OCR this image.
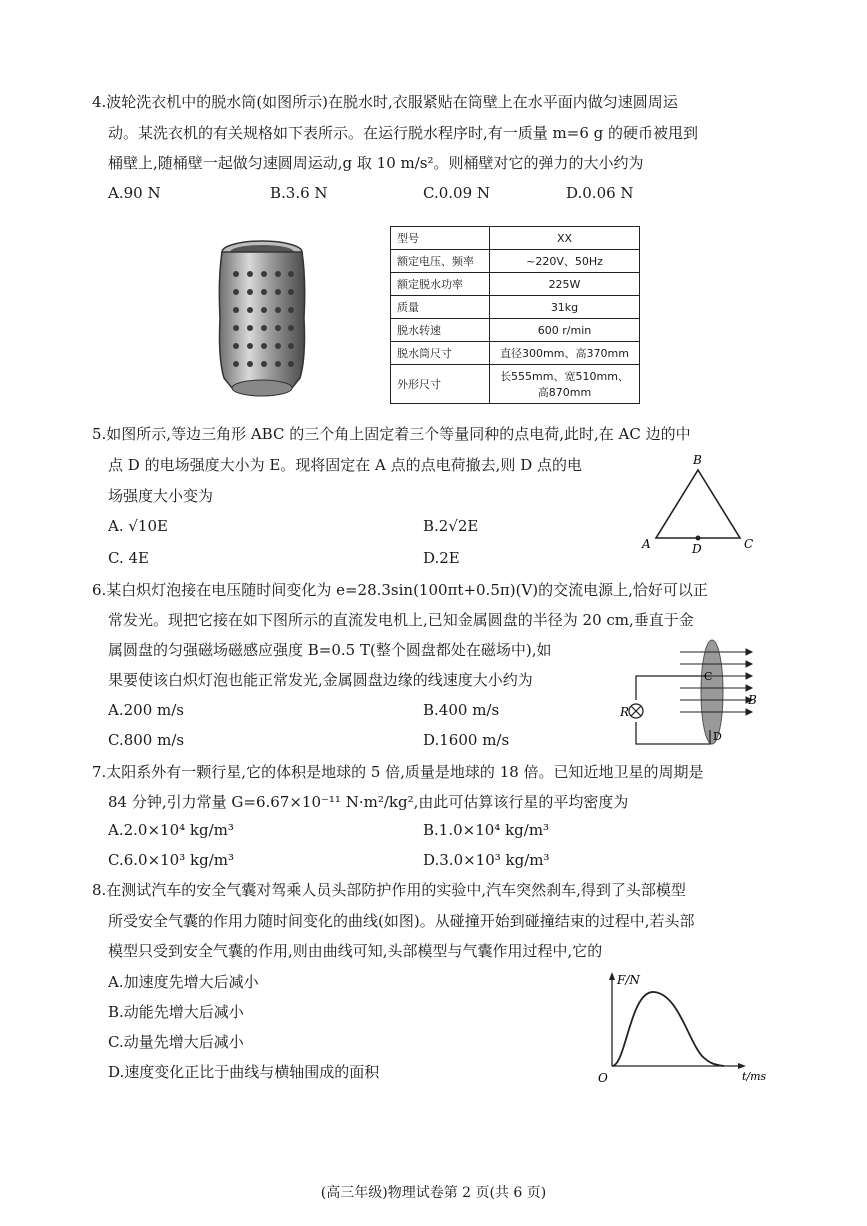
4.波轮洗衣机中的脱水筒(如图所示)在脱水时,衣服紧贴在筒壁上在水平面内做匀速圆周运
动。某洗衣机的有关规格如下表所示。在运行脱水程序时,有一质量 m=6 g 的硬币被甩到
桶壁上,随桶壁一起做匀速圆周运动,g 取 10 m/s²。则桶壁对它的弹力的大小约为
A.90 N	B.3.6 N	C.0.09 N	D.0.06 N
型号	XX
额定电压、频率	~220V、50Hz
额定脱水功率	225W
质量	31kg
脱水转速	600 r/min
脱水筒尺寸	直径300mm、高370mm
外形尺寸	长555mm、宽510mm、高870mm
5.如图所示,等边三角形 ABC 的三个角上固定着三个等量同种的点电荷,此时,在 AC 边的中
点 D 的电场强度大小为 E。现将固定在 A 点的点电荷撤去,则 D 点的电
场强度大小变为
A. √10E	B.2√2E
C. 4E	D.2E
B
A	C
D
6.某白炽灯泡接在电压随时间变化为 e=28.3sin(100πt+0.5π)(V)的交流电源上,恰好可以正
常发光。现把它接在如下图所示的直流发电机上,已知金属圆盘的半径为 20 cm,垂直于金
属圆盘的匀强磁场磁感应强度 B=0.5 T(整个圆盘都处在磁场中),如
果要使该白炽灯泡也能正常发光,金属圆盘边缘的线速度大小约为
A.200 m/s	B.400 m/s
C.800 m/s	D.1600 m/s
R
C
B
D
7.太阳系外有一颗行星,它的体积是地球的 5 倍,质量是地球的 18 倍。已知近地卫星的周期是
84 分钟,引力常量 G=6.67×10⁻¹¹ N·m²/kg²,由此可估算该行星的平均密度为
A.2.0×10⁴ kg/m³	B.1.0×10⁴ kg/m³
C.6.0×10³ kg/m³	D.3.0×10³ kg/m³
8.在测试汽车的安全气囊对驾乘人员头部防护作用的实验中,汽车突然刹车,得到了头部模型
所受安全气囊的作用力随时间变化的曲线(如图)。从碰撞开始到碰撞结束的过程中,若头部
模型只受到安全气囊的作用,则由曲线可知,头部模型与气囊作用过程中,它的
A.加速度先增大后减小
B.动能先增大后减小
C.动量先增大后减小
D.速度变化正比于曲线与横轴围成的面积
F/N
t/ms
O
(高三年级)物理试卷第 2 页(共 6 页)
